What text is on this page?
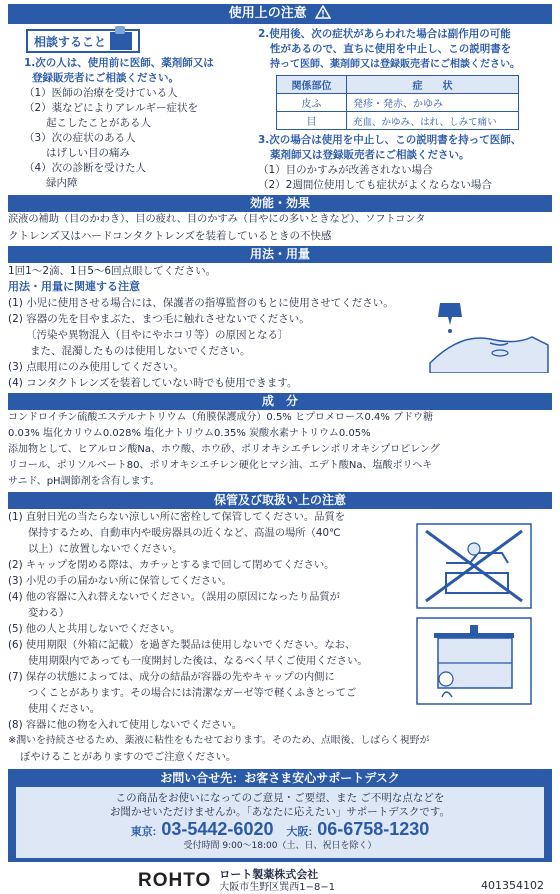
使用上の注意
相談すること
1.次の人は、使用前に医師、薬剤師又は
登録販売者にご相談ください。
（1）医師の治療を受けている人
（2）薬などによりアレルギー症状を
起こしたことがある人
（3）次の症状のある人
はげしい目の痛み
（4）次の診断を受けた人
緑内障
2.使用後、次の症状があらわれた場合は副作用の可能
性があるので、直ちに使用を中止し、この説明書を
持って医師、薬剤師又は登録販売者にご相談ください。
関係部位	症　　状
皮ふ	発疹・発赤、かゆみ
目	充血、かゆみ、はれ、しみて痛い
3.次の場合は使用を中止し、この説明書を持って医師、
薬剤師又は登録販売者にご相談ください。
（1）目のかすみが改善されない場合
（2）2週間位使用しても症状がよくならない場合
効能・効果
涙液の補助（目のかわき）、目の疲れ、目のかすみ（目やにの多いときなど）、ソフトコンタ
クトレンズ又はハードコンタクトレンズを装着しているときの不快感
用法・用量
1回1〜2滴、1日5〜6回点眼してください。
用法・用量に関連する注意
(1) 小児に使用させる場合には、保護者の指導監督のもとに使用させてください。
(2) 容器の先を目やまぶた、まつ毛に触れさせないでください。
〔汚染や異物混入（目やにやホコリ等）の原因となる〕
また、混濁したものは使用しないでください。
(3) 点眼用にのみ使用してください。
(4) コンタクトレンズを装着していない時でも使用できます。
成　分
コンドロイチン硫酸エステルナトリウム（角膜保護成分）0.5% ヒプロメロース0.4% ブドウ糖
0.03% 塩化カリウム0.028% 塩化ナトリウム0.35% 炭酸水素ナトリウム0.05%
添加物として、ヒアルロン酸Na、ホウ酸、ホウ砂、ポリオキシエチレンポリオキシプロピレング
リコール、ポリソルベート80、ポリオキシエチレン硬化ヒマシ油、エデト酸Na、塩酸ポリヘキ
サニド、pH調節剤を含有します。
保管及び取扱い上の注意
(1) 直射日光の当たらない涼しい所に密栓して保管してください。品質を
保持するため、自動車内や暖房器具の近くなど、高温の場所（40℃
以上）に放置しないでください。
(2) キャップを閉める際は、カチッとするまで回して閉めてください。
(3) 小児の手の届かない所に保管してください。
(4) 他の容器に入れ替えないでください。（誤用の原因になったり品質が
変わる）
(5) 他の人と共用しないでください。
(6) 使用期限（外箱に記載）を過ぎた製品は使用しないでください。なお、
使用期限内であっても一度開封した後は、なるべく早くご使用ください。
(7) 保存の状態によっては、成分の結晶が容器の先やキャップの内側に
つくことがあります。その場合には清潔なガーゼ等で軽くふきとってご
使用ください。
(8) 容器に他の物を入れて使用しないでください。
※潤いを持続させるため、薬液に粘性をもたせております。そのため、点眼後、しばらく視野が
ぼやけることがありますのでご注意ください。
お問い合せ先：お客さま安心サポートデスク
この商品をお使いになってのご意見・ご要望、また ご不明な点などを
お聞かせいただけませんか。「あなたに応えたい」サポートデスクです。
東京: 03-5442-6020 大阪: 06-6758-1230
受付時間 9:00〜18:00（土、日、祝日を除く）
ROHTO ロート製薬株式会社
大阪市生野区巽西1−8−1	401354102
